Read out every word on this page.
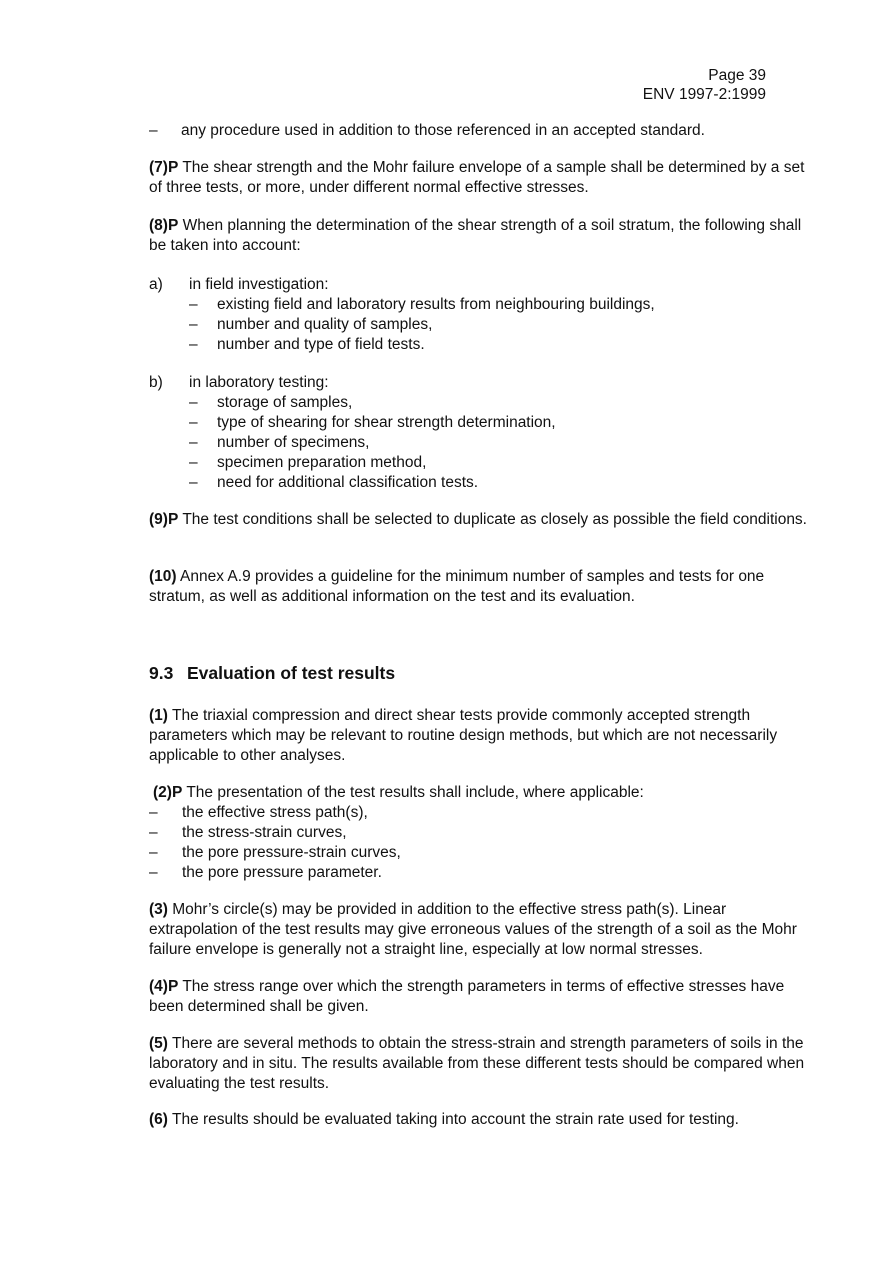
Page 39
ENV 1997-2:1999
– any procedure used in addition to those referenced in an accepted standard.

(7)P The shear strength and the Mohr failure envelope of a sample shall be determined by a set of three tests, or more, under different normal effective stresses.

(8)P When planning the determination of the shear strength of a soil stratum, the following shall be taken into account:

a) in field investigation:
– existing field and laboratory results from neighbouring buildings,
– number and quality of samples,
– number and type of field tests.
b) in laboratory testing:
– storage of samples,
– type of shearing for shear strength determination,
– number of specimens,
– specimen preparation method,
– need for additional classification tests.

(9)P The test conditions shall be selected to duplicate as closely as possible the field conditions.

(10) Annex A.9 provides a guideline for the minimum number of samples and tests for one stratum, as well as additional information on the test and its evaluation.

9.3 Evaluation of test results

(1) The triaxial compression and direct shear tests provide commonly accepted strength parameters which may be relevant to routine design methods, but which are not necessarily applicable to other analyses.

(2)P The presentation of the test results shall include, where applicable:
– the effective stress path(s),
– the stress-strain curves,
– the pore pressure-strain curves,
– the pore pressure parameter.

(3) Mohr’s circle(s) may be provided in addition to the effective stress path(s). Linear extrapolation of the test results may give erroneous values of the strength of a soil as the Mohr failure envelope is generally not a straight line, especially at low normal stresses.

(4)P The stress range over which the strength parameters in terms of effective stresses have been determined shall be given.

(5) There are several methods to obtain the stress-strain and strength parameters of soils in the laboratory and in situ. The results available from these different tests should be compared when evaluating the test results.

(6) The results should be evaluated taking into account the strain rate used for testing.
